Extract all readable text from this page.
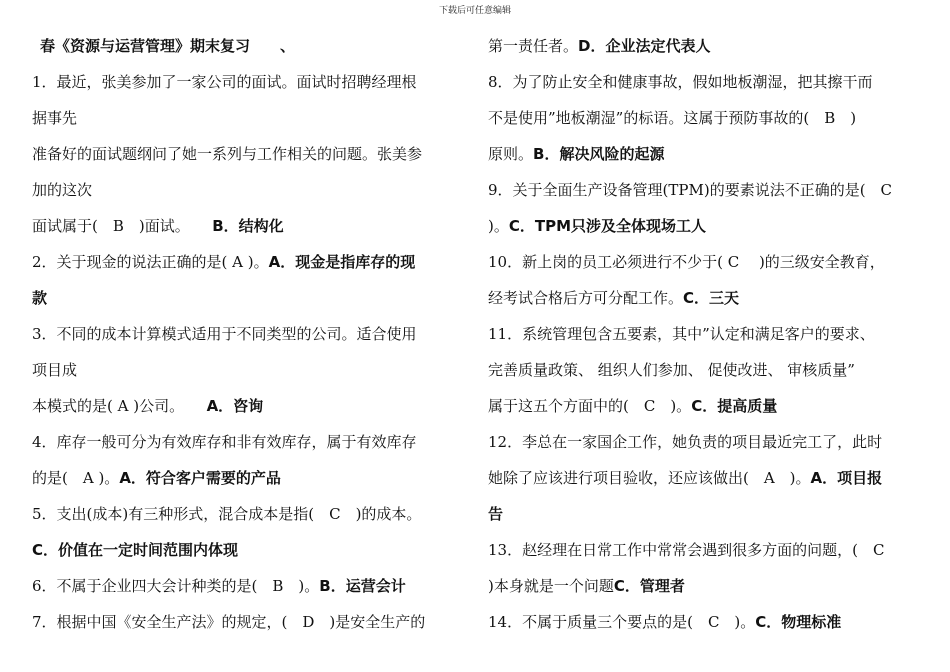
下载后可任意编辑
春《资源与运营管理》期末复习　　、
1．最近，张美参加了一家公司的面试。面试时招聘经理根
据事先
准备好的面试题纲问了她一系列与工作相关的问题。张美参
加的这次
面试属于(　B　)面试。　　B．结构化
2．关于现金的说法正确的是( A )。A．现金是指库存的现
款
3．不同的成本计算模式适用于不同类型的公司。适合使用
项目成
本模式的是( A )公司。　　A．咨询
4．库存一般可分为有效库存和非有效库存，属于有效库存
的是(　A )。A．符合客户需要的产品
5．支出(成本)有三种形式，混合成本是指(　C　)的成本。
C．价值在一定时间范围内体现
6．不属于企业四大会计种类的是(　B　)。B．运营会计
7．根据中国《安全生产法》的规定，(　D　)是安全生产的
第一责任者。D．企业法定代表人
8．为了防止安全和健康事故，假如地板潮湿，把其擦干而
不是使用”地板潮湿”的标语。这属于预防事故的(　B　)
原则。B．解决风险的起源
9．关于全面生产设备管理(TPM)的要素说法不正确的是(　C
)。C．TPM只涉及全体现场工人
10．新上岗的员工必须进行不少于( C　 )的三级安全教育，
经考试合格后方可分配工作。C．三天
11．系统管理包含五要素，其中”认定和满足客户的要求、
完善质量政策、 组织人们参加、 促使改进、 审核质量”
属于这五个方面中的(　C　)。C．提高质量
12．李总在一家国企工作，她负责的项目最近完工了，此时
她除了应该进行项目验收，还应该做出(　A　)。A．项目报
告
13．赵经理在日常工作中常常会遇到很多方面的问题，(　C
)本身就是一个问题C．管理者
14．不属于质量三个要点的是(　C　)。C．物理标准
